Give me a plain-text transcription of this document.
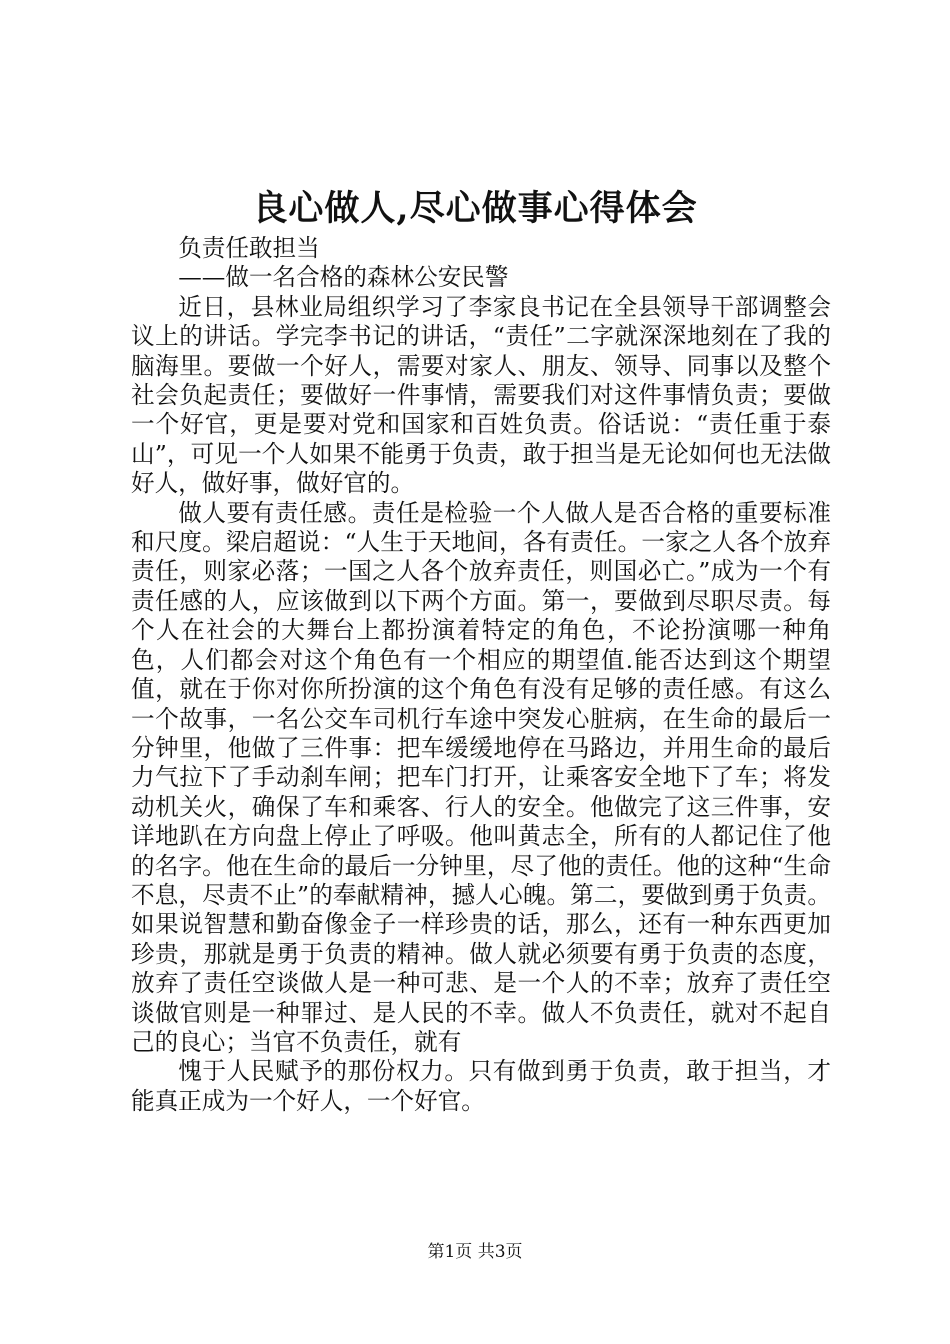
良心做人,尽心做事心得体会

负责任敢担当

——做一名合格的森林公安民警

近日，县林业局组织学习了李家良书记在全县领导干部调整会议上的讲话。学完李书记的讲话，“责任”二字就深深地刻在了我的脑海里。要做一个好人，需要对家人、朋友、领导、同事以及整个社会负起责任；要做好一件事情，需要我们对这件事情负责；要做一个好官，更是要对党和国家和百姓负责。俗话说：“责任重于泰山”，可见一个人如果不能勇于负责，敢于担当是无论如何也无法做好人，做好事，做好官的。

做人要有责任感。责任是检验一个人做人是否合格的重要标准和尺度。梁启超说：“人生于天地间，各有责任。一家之人各个放弃责任，则家必落；一国之人各个放弃责任，则国必亡。”成为一个有责任感的人，应该做到以下两个方面。第一，要做到尽职尽责。每个人在社会的大舞台上都扮演着特定的角色，不论扮演哪一种角色，人们都会对这个角色有一个相应的期望值.能否达到这个期望值，就在于你对你所扮演的这个角色有没有足够的责任感。有这么一个故事，一名公交车司机行车途中突发心脏病，在生命的最后一分钟里，他做了三件事：把车缓缓地停在马路边，并用生命的最后力气拉下了手动刹车闸；把车门打开，让乘客安全地下了车；将发动机关火，确保了车和乘客、行人的安全。他做完了这三件事，安详地趴在方向盘上停止了呼吸。他叫黄志全，所有的人都记住了他的名字。他在生命的最后一分钟里，尽了他的责任。他的这种“生命不息，尽责不止”的奉献精神，撼人心魄。第二，要做到勇于负责。如果说智慧和勤奋像金子一样珍贵的话，那么，还有一种东西更加珍贵，那就是勇于负责的精神。做人就必须要有勇于负责的态度，放弃了责任空谈做人是一种可悲、是一个人的不幸；放弃了责任空谈做官则是一种罪过、是人民的不幸。做人不负责任，就对不起自己的良心；当官不负责任，就有

愧于人民赋予的那份权力。只有做到勇于负责，敢于担当，才能真正成为一个好人，一个好官。

第1页 共3页
